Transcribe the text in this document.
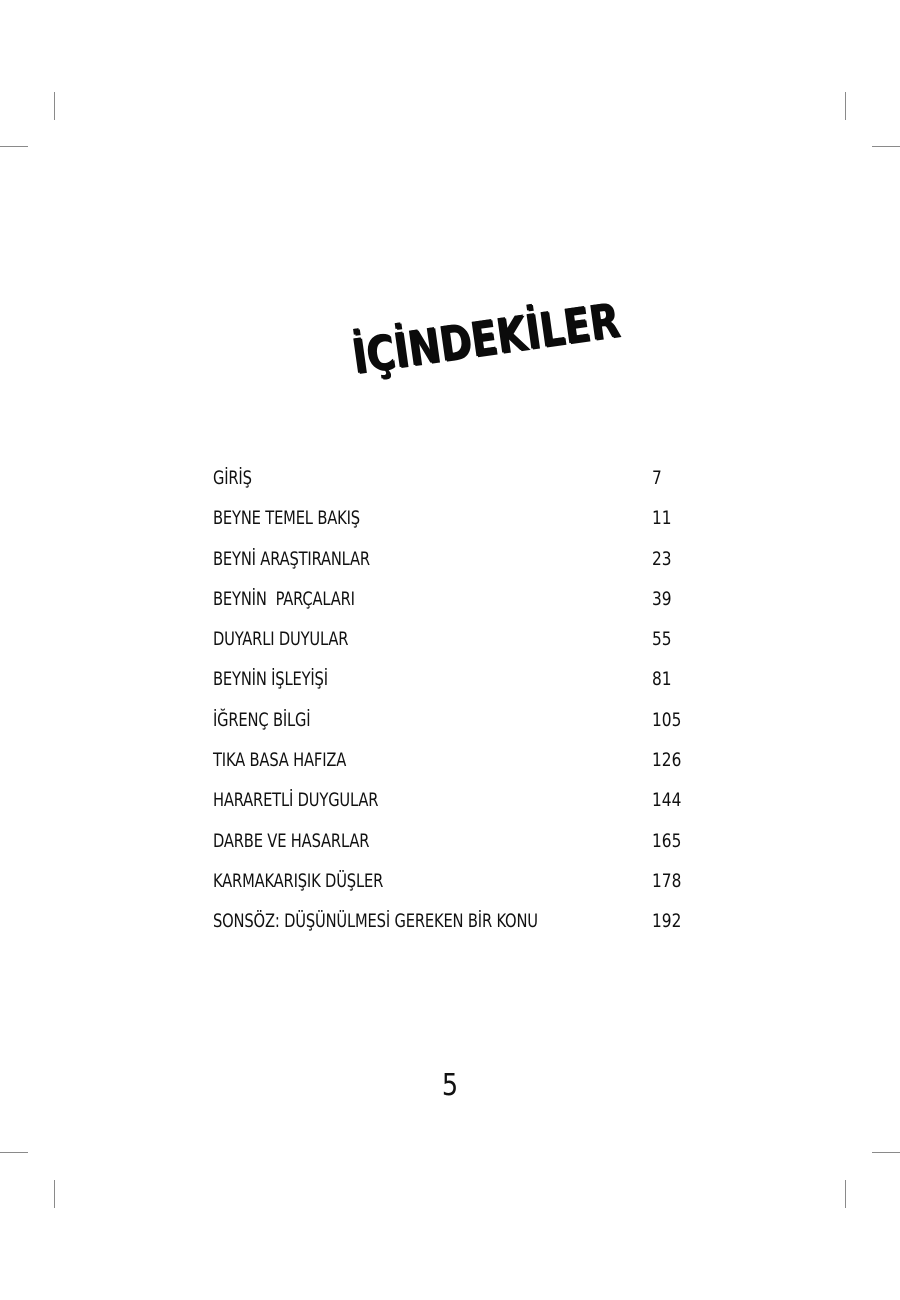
İÇİNDEKİLER
GİRİŞ	7
BEYNE TEMEL BAKIŞ	11
BEYNİ ARAŞTIRANLAR	23
BEYNİN  PARÇALARI	39
DUYARLI DUYULAR	55
BEYNİN İŞLEYİŞİ	81
İĞRENÇ BİLGİ	105
TIKA BASA HAFIZA	126
HARARETLİ DUYGULAR	144
DARBE VE HASARLAR	165
KARMAKARIŞIK DÜŞLER	178
SONSÖZ: DÜŞÜNÜLMESİ GEREKEN BİR KONU	192
5
